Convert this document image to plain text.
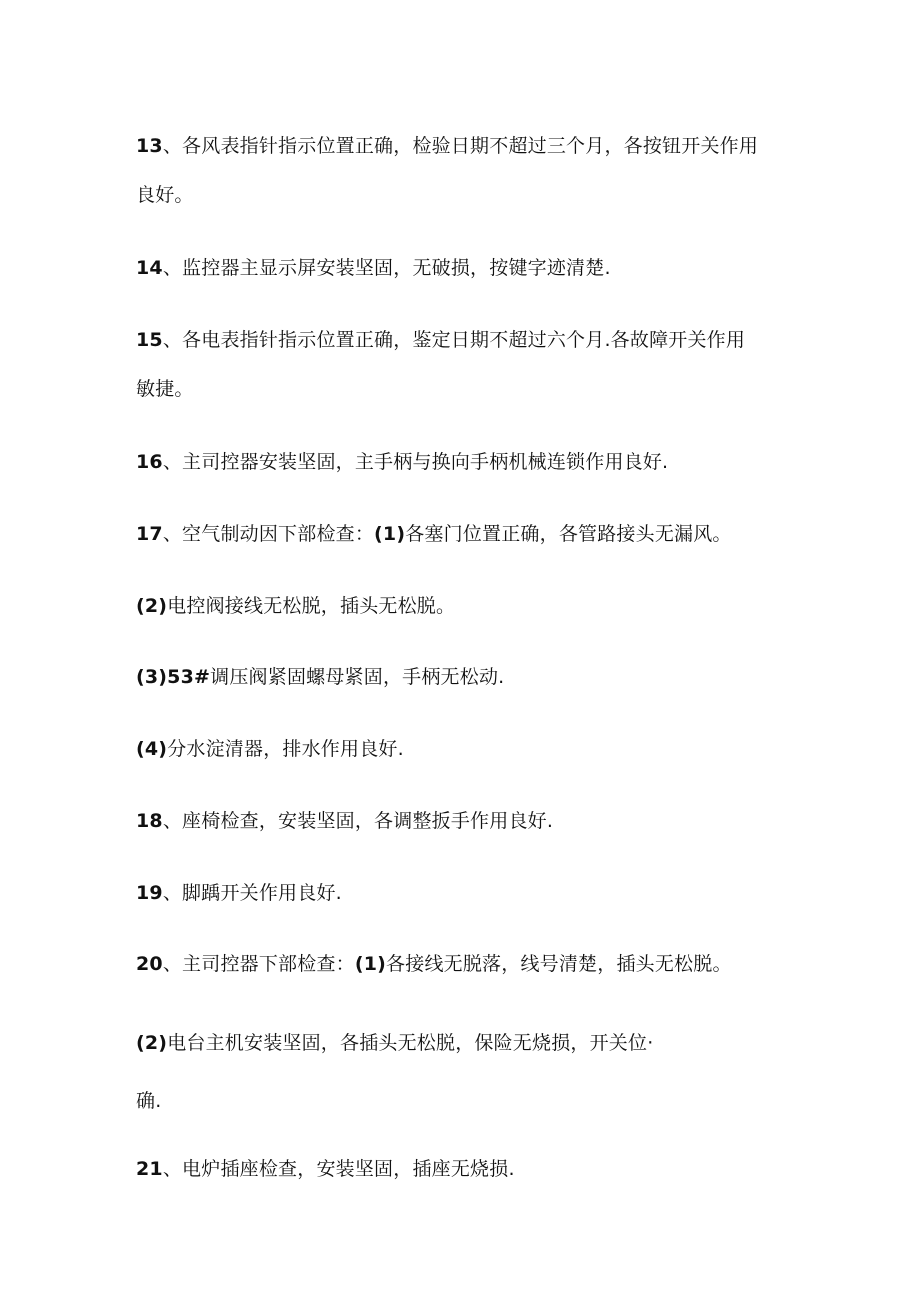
13、各风表指针指示位置正确，检验日期不超过三个月，各按钮开关作用
良好。
14、监控器主显示屏安装坚固，无破损，按键字迹清楚.
15、各电表指针指示位置正确，鉴定日期不超过六个月.各故障开关作用
敏捷。
16、主司控器安装坚固，主手柄与换向手柄机械连锁作用良好.
17、空气制动因下部检查：(1)各塞门位置正确，各管路接头无漏风。
(2)电控阀接线无松脱，插头无松脱。
(3)53#调压阀紧固螺母紧固，手柄无松动.
(4)分水淀清器，排水作用良好.
18、座椅检查，安装坚固，各调整扳手作用良好.
19、脚踽开关作用良好.
20、主司控器下部检查：(1)各接线无脱落，线号清楚，插头无松脱。
(2)电台主机安装坚固，各插头无松脱，保险无烧损，开关位·
确.
21、电炉插座检查，安装坚固，插座无烧损.
